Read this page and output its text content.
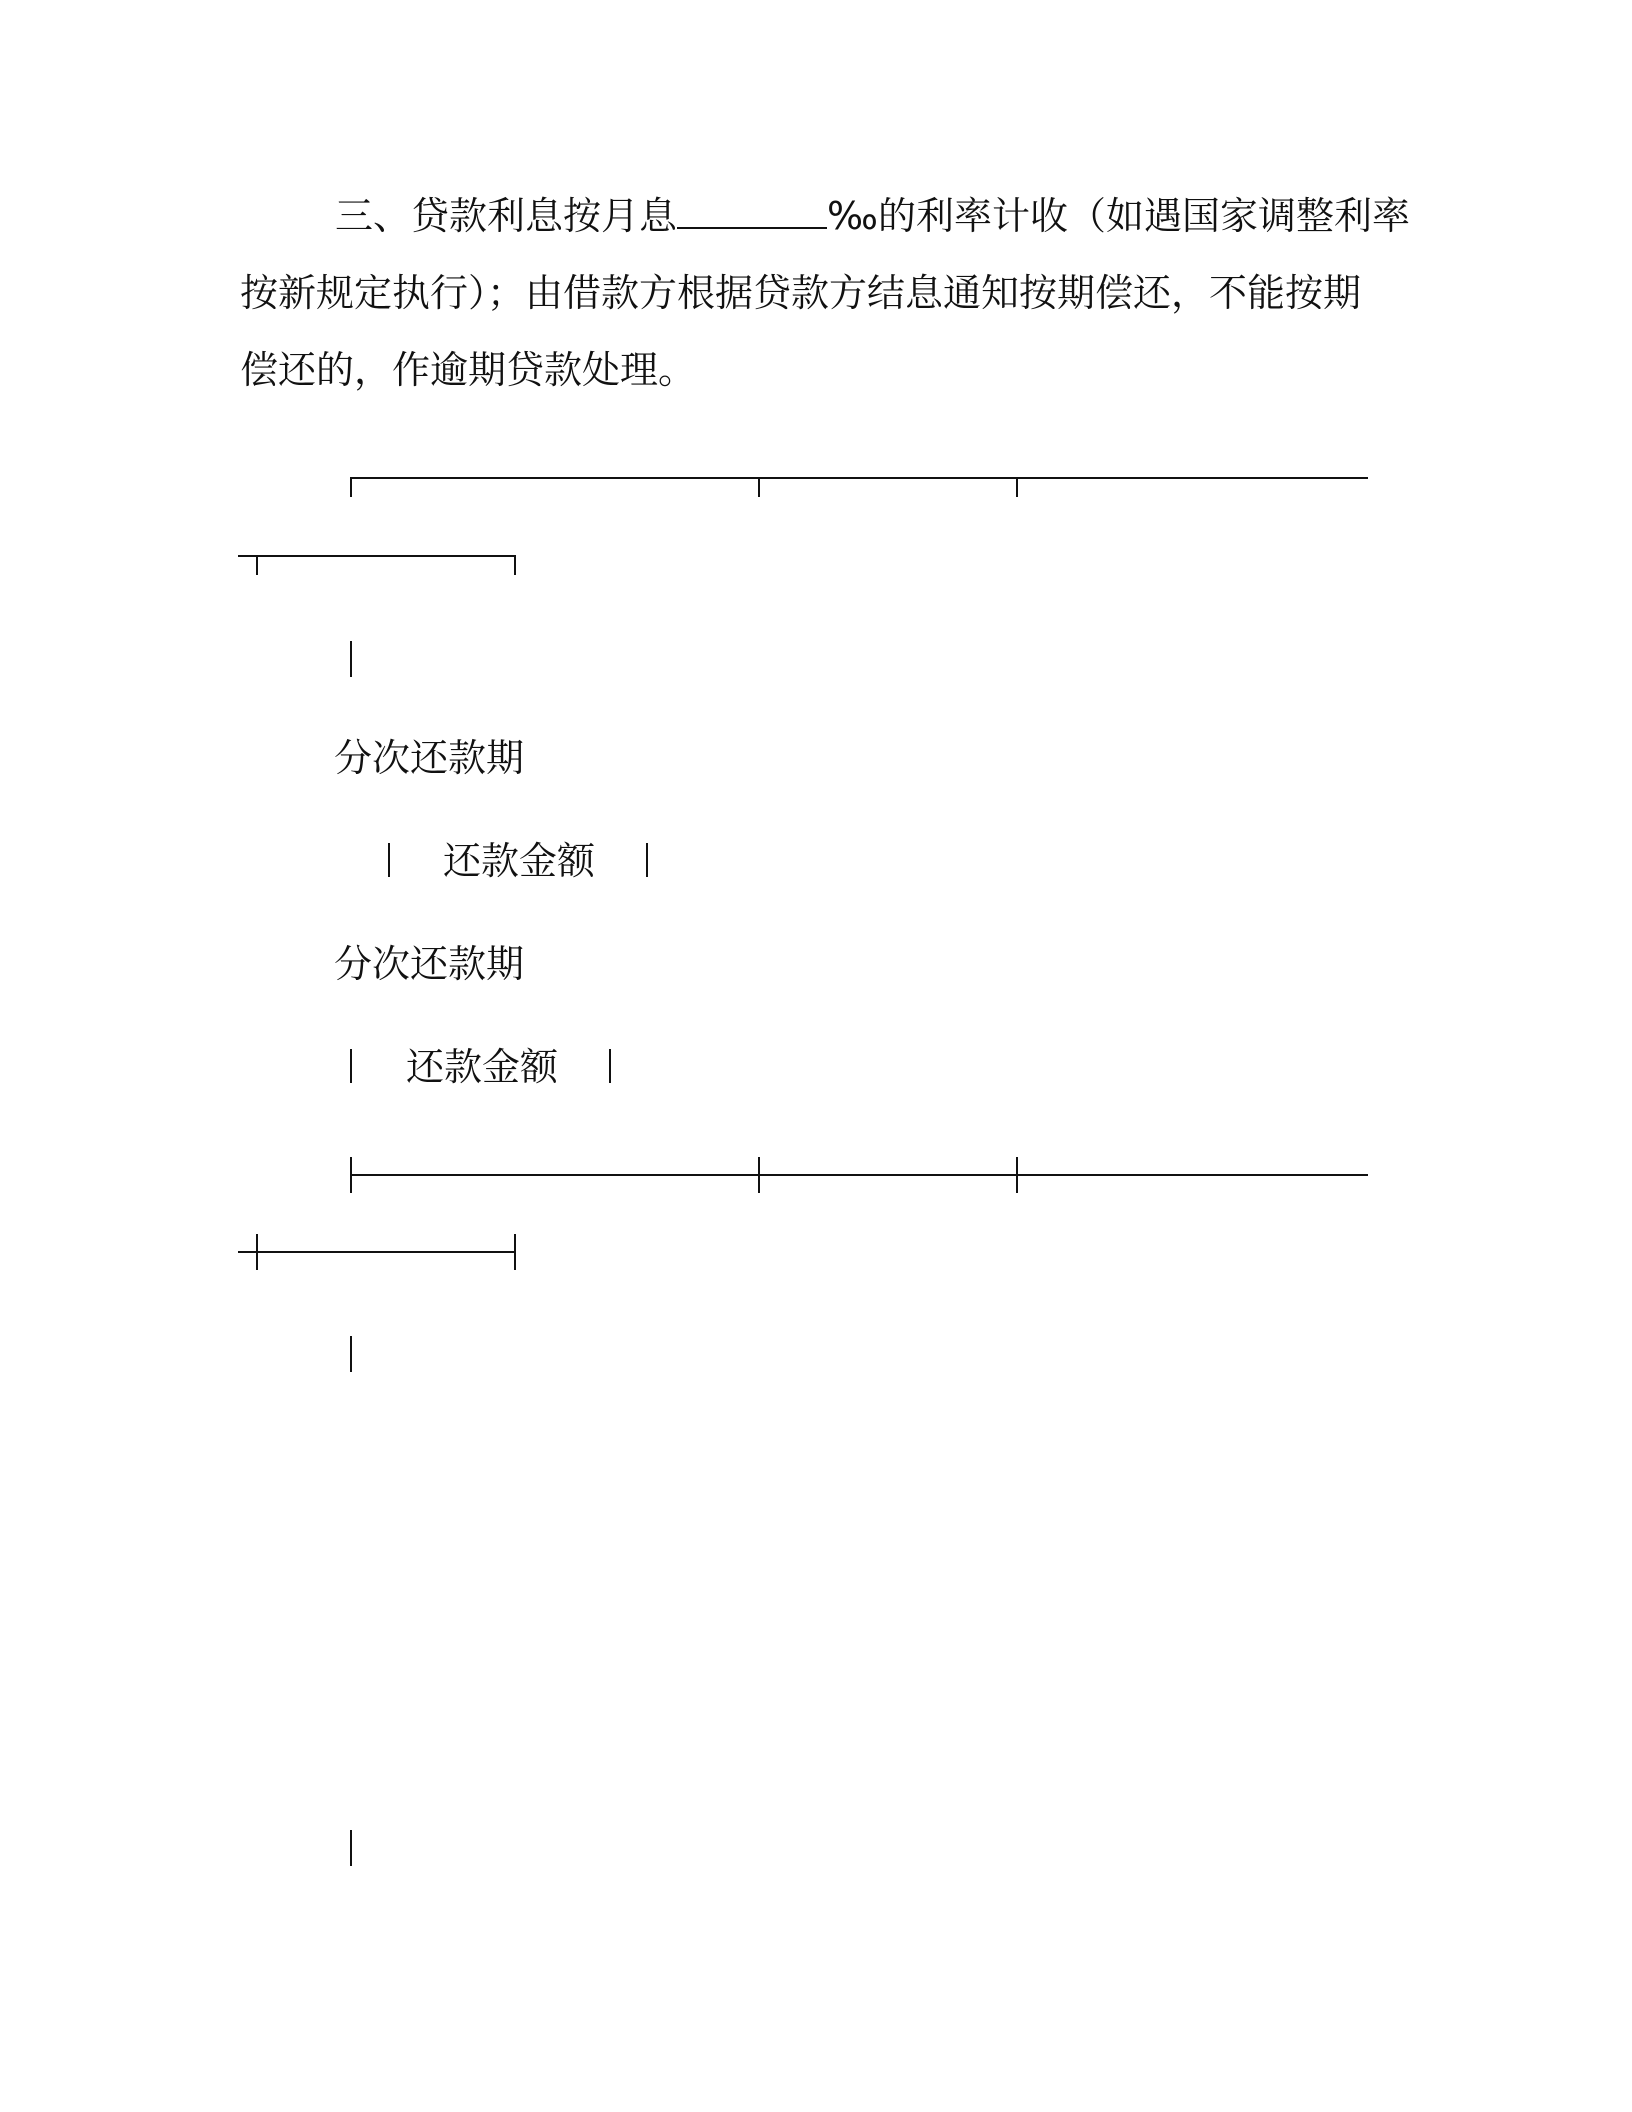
三、贷款利息按月息	‰的利率计收（如遇国家调整利率
按新规定执行）；由借款方根据贷款方结息通知按期偿还，不能按期
偿还的，作逾期贷款处理。
分次还款期
还款金额
分次还款期
还款金额
